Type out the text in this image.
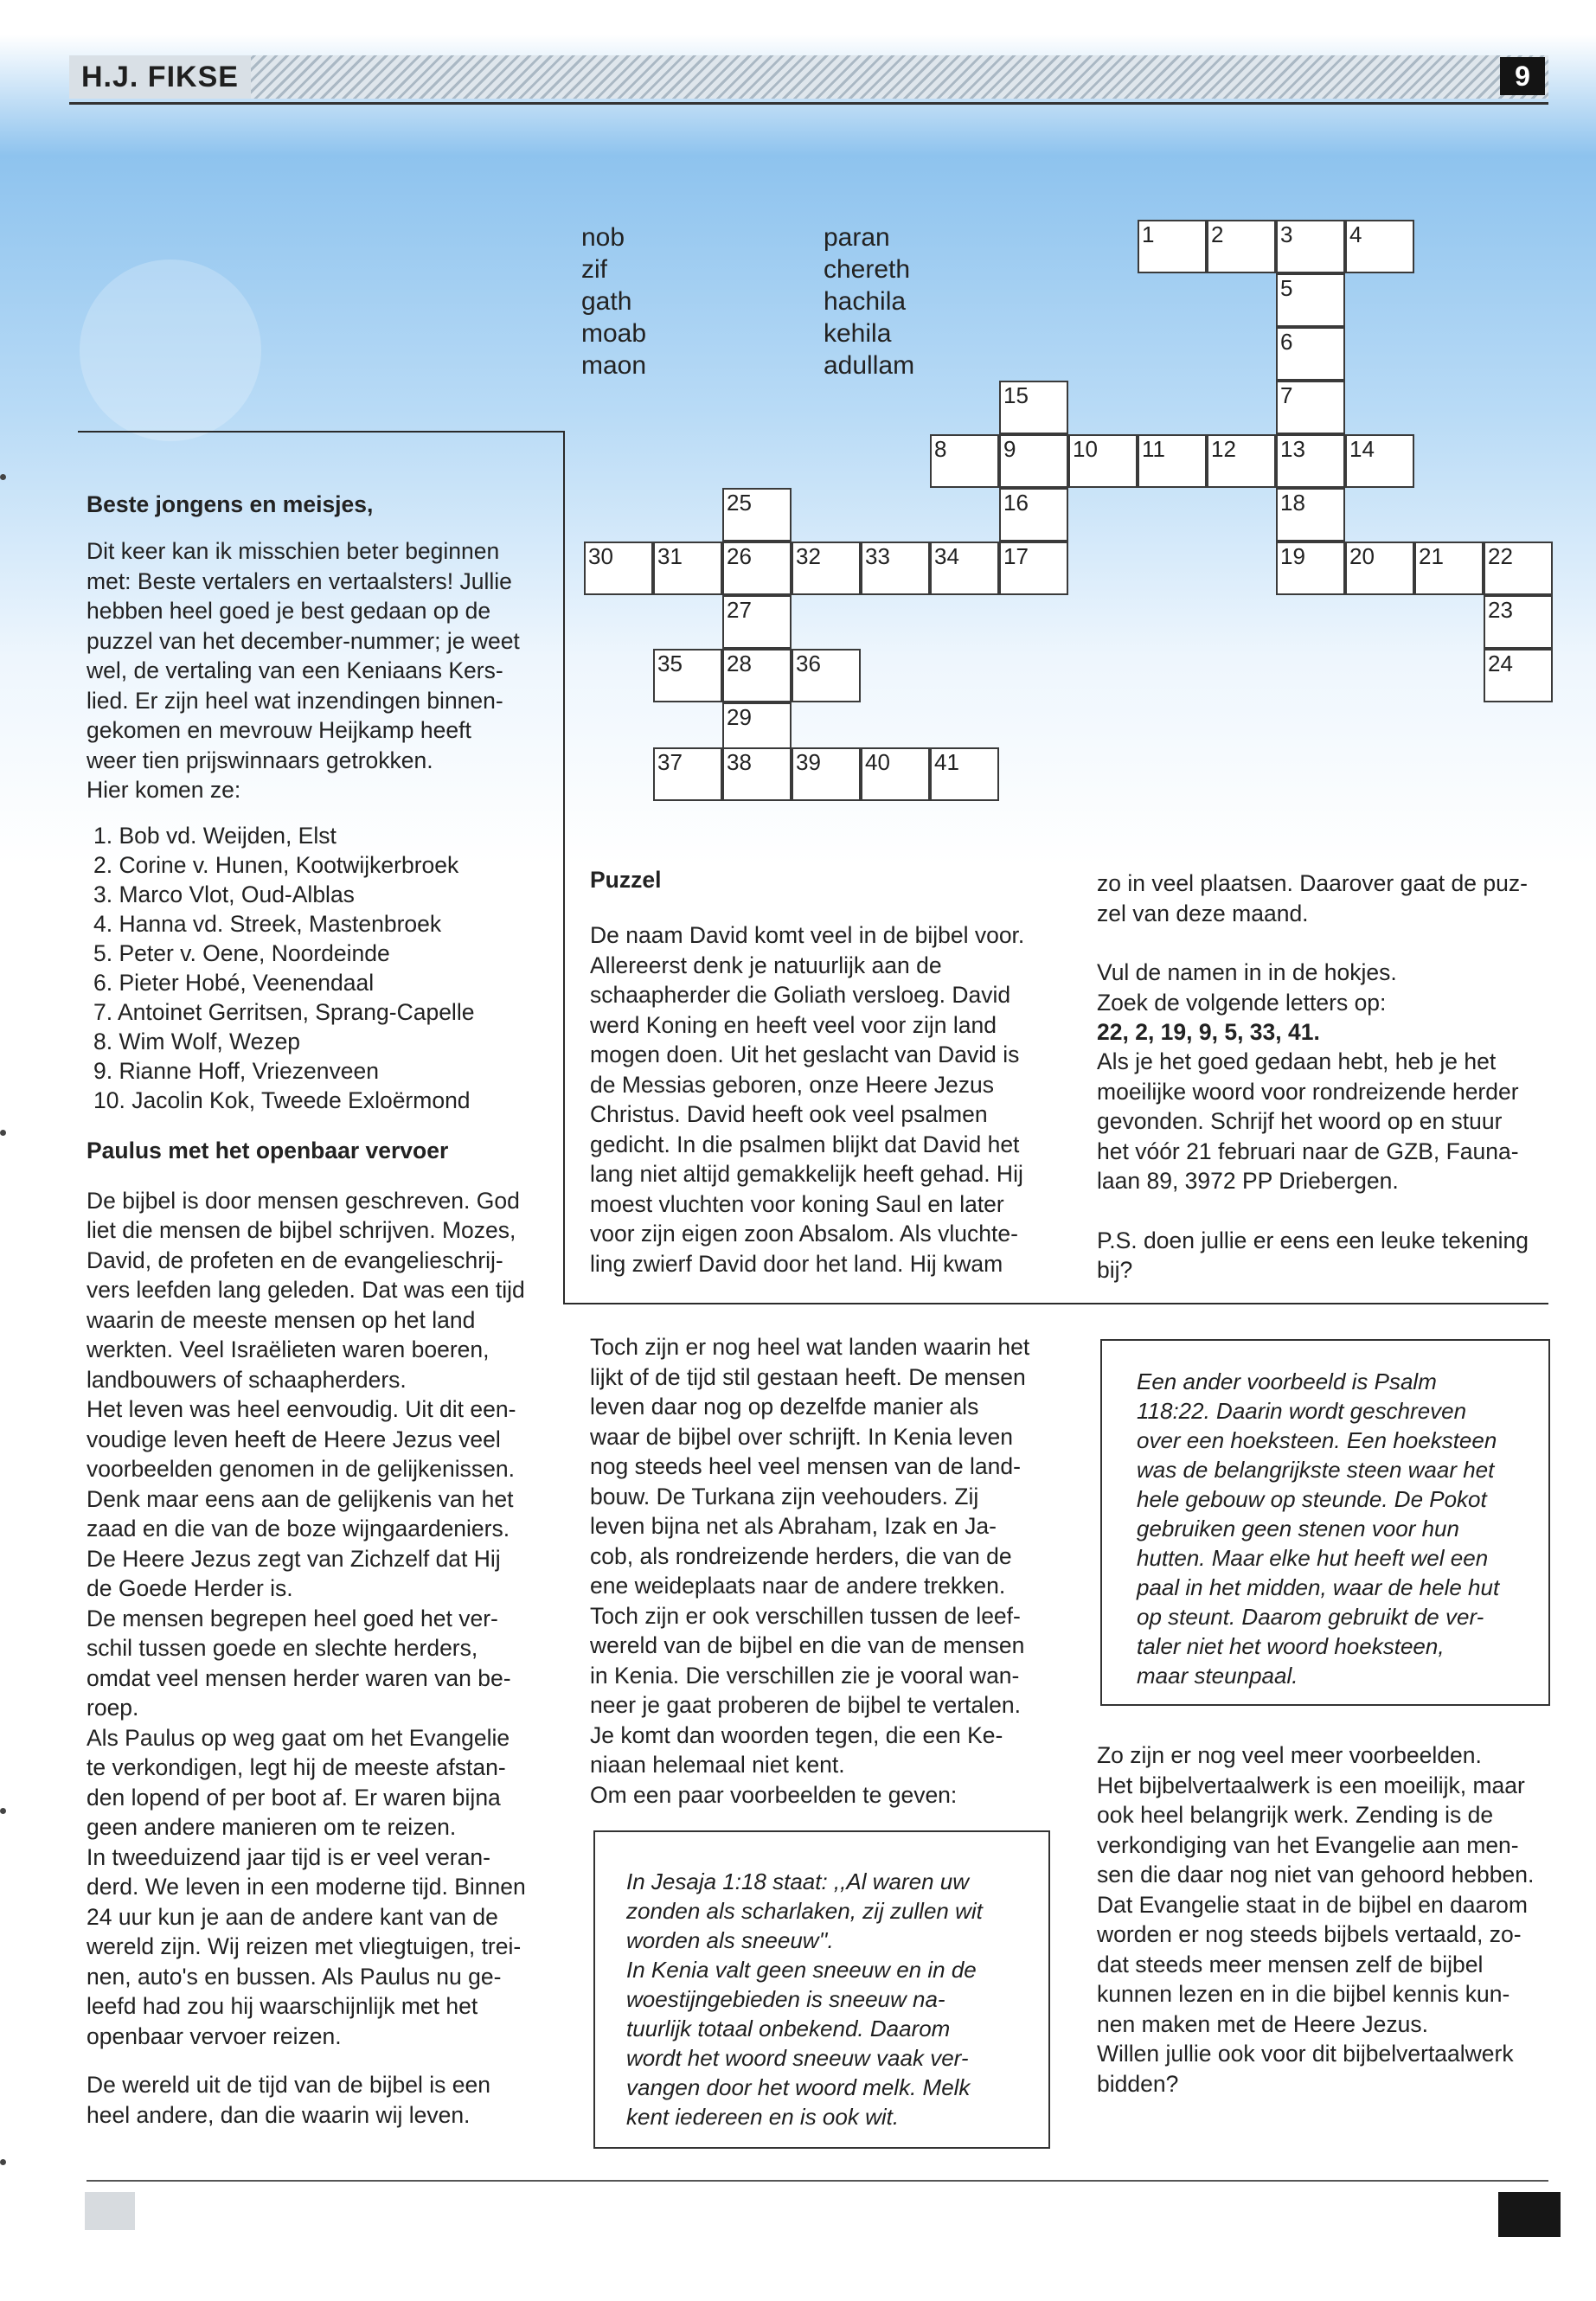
H.J. FIKSE	9
nob
zif
gath
moab
maon
paran
chereth
hachila
kehila
adullam
1	2	3	4
5
6
7
15
8	9	10 11 12 13 14
16	18
25
30 31 26 32 33 34 17	19 20 21 22
23
27
24
35 28 36
29
37 38 39 40 41
Beste jongens en meisjes,
Dit keer kan ik misschien beter beginnen
met: Beste vertalers en vertaalsters! Jullie
hebben heel goed je best gedaan op de
puzzel van het december-nummer; je weet
wel, de vertaling van een Keniaans Kers-
lied. Er zijn heel wat inzendingen binnen-
gekomen en mevrouw Heijkamp heeft
weer tien prijswinnaars getrokken.
Hier komen ze:
1. Bob vd. Weijden, Elst
2. Corine v. Hunen, Kootwijkerbroek
3. Marco Vlot, Oud-Alblas
4. Hanna vd. Streek, Mastenbroek
5. Peter v. Oene, Noordeinde
6. Pieter Hobé, Veenendaal
7. Antoinet Gerritsen, Sprang-Capelle
8. Wim Wolf, Wezep
9. Rianne Hoff, Vriezenveen
10. Jacolin Kok, Tweede Exloërmond
Paulus met het openbaar vervoer
De bijbel is door mensen geschreven. God
liet die mensen de bijbel schrijven. Mozes,
David, de profeten en de evangelieschrij-
vers leefden lang geleden. Dat was een tijd
waarin de meeste mensen op het land
werkten. Veel Israëlieten waren boeren,
landbouwers of schaapherders.
Het leven was heel eenvoudig. Uit dit een-
voudige leven heeft de Heere Jezus veel
voorbeelden genomen in de gelijkenissen.
Denk maar eens aan de gelijkenis van het
zaad en die van de boze wijngaardeniers.
De Heere Jezus zegt van Zichzelf dat Hij
de Goede Herder is.
De mensen begrepen heel goed het ver-
schil tussen goede en slechte herders,
omdat veel mensen herder waren van be-
roep.
Als Paulus op weg gaat om het Evangelie
te verkondigen, legt hij de meeste afstan-
den lopend of per boot af. Er waren bijna
geen andere manieren om te reizen.
In tweeduizend jaar tijd is er veel veran-
derd. We leven in een moderne tijd. Binnen
24 uur kun je aan de andere kant van de
wereld zijn. Wij reizen met vliegtuigen, trei-
nen, auto's en bussen. Als Paulus nu ge-
leefd had zou hij waarschijnlijk met het
openbaar vervoer reizen.
De wereld uit de tijd van de bijbel is een
heel andere, dan die waarin wij leven.
Puzzel
De naam David komt veel in de bijbel voor.
Allereerst denk je natuurlijk aan de
schaapherder die Goliath versloeg. David
werd Koning en heeft veel voor zijn land
mogen doen. Uit het geslacht van David is
de Messias geboren, onze Heere Jezus
Christus. David heeft ook veel psalmen
gedicht. In die psalmen blijkt dat David het
lang niet altijd gemakkelijk heeft gehad. Hij
moest vluchten voor koning Saul en later
voor zijn eigen zoon Absalom. Als vluchte-
ling zwierf David door het land. Hij kwam
zo in veel plaatsen. Daarover gaat de puz-
zel van deze maand.
Vul de namen in in de hokjes.
Zoek de volgende letters op:
22, 2, 19, 9, 5, 33, 41.
Als je het goed gedaan hebt, heb je het
moeilijke woord voor rondreizende herder
gevonden. Schrijf het woord op en stuur
het vóór 21 februari naar de GZB, Fauna-
laan 89, 3972 PP Driebergen.
P.S. doen jullie er eens een leuke tekening
bij?
Toch zijn er nog heel wat landen waarin het
lijkt of de tijd stil gestaan heeft. De mensen
leven daar nog op dezelfde manier als
waar de bijbel over schrijft. In Kenia leven
nog steeds heel veel mensen van de land-
bouw. De Turkana zijn veehouders. Zij
leven bijna net als Abraham, Izak en Ja-
cob, als rondreizende herders, die van de
ene weideplaats naar de andere trekken.
Toch zijn er ook verschillen tussen de leef-
wereld van de bijbel en die van de mensen
in Kenia. Die verschillen zie je vooral wan-
neer je gaat proberen de bijbel te vertalen.
Je komt dan woorden tegen, die een Ke-
niaan helemaal niet kent.
Om een paar voorbeelden te geven:

In Jesaja 1:18 staat: ,,Al waren uw

zonden als scharlaken, zij zullen wit

worden als sneeuw''.

In Kenia valt geen sneeuw en in de

woestijngebieden is sneeuw na-

tuurlijk totaal onbekend. Daarom

wordt het woord sneeuw vaak ver-

vangen door het woord melk. Melk

kent iedereen en is ook wit.

Een ander voorbeeld is Psalm

118:22. Daarin wordt geschreven

over een hoeksteen. Een hoeksteen

was de belangrijkste steen waar het

hele gebouw op steunde. De Pokot

gebruiken geen stenen voor hun

hutten. Maar elke hut heeft wel een

paal in het midden, waar de hele hut

op steunt. Daarom gebruikt de ver-

taler niet het woord hoeksteen,

maar steunpaal.

Zo zijn er nog veel meer voorbeelden.
Het bijbelvertaalwerk is een moeilijk, maar
ook heel belangrijk werk. Zending is de
verkondiging van het Evangelie aan men-
sen die daar nog niet van gehoord hebben.
Dat Evangelie staat in de bijbel en daarom
worden er nog steeds bijbels vertaald, zo-
dat steeds meer mensen zelf de bijbel
kunnen lezen en in die bijbel kennis kun-
nen maken met de Heere Jezus.
Willen jullie ook voor dit bijbelvertaalwerk
bidden?
